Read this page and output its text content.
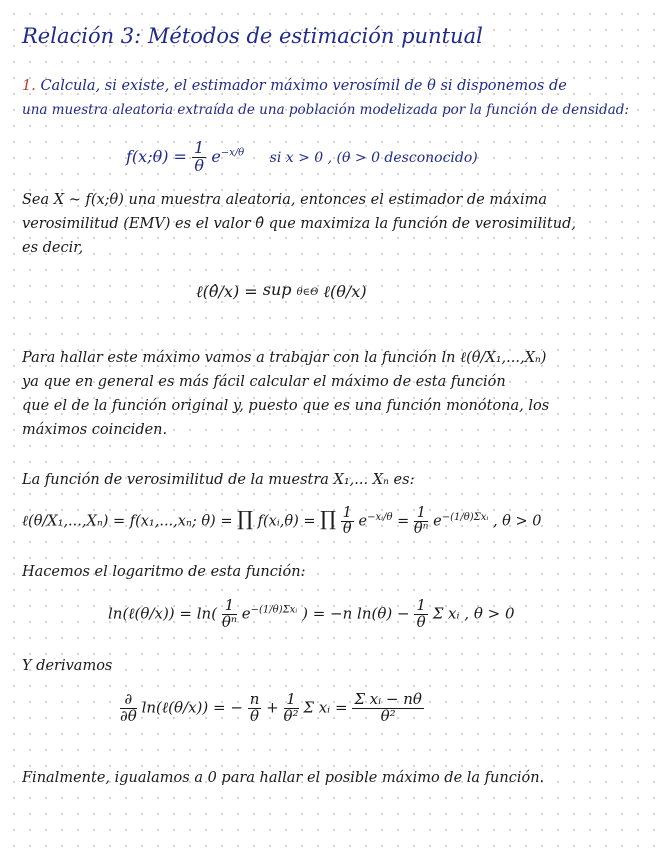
Relación 3: Métodos de estimación puntual
1. Calcula, si existe, el estimador máximo verosímil de θ si disponemos de
una muestra aleatoria extraída de una población modelizada por la función de densidad:
f(x;θ) = $\frac{1}{\theta} e^{-x/\theta}$ si x > 0 , (θ > 0 desconocido)
Sea X ~ f(x;θ) una muestra aleatoria, entonces el estimador de máxima
verosimilitud (EMV) es el valor θ̂ que maximiza la función de verosimilitud,
es decir,
ℓ(θ̂/x) = sup θ∈Θ ℓ(θ/x)
Para hallar este máximo vamos a trabajar con la función ln ℓ(θ/X₁,...,Xₙ)
ya que en general es más fácil calcular el máximo de esta función
que el de la función original y, puesto que es una función monótona, los
máximos coinciden.
La función de verosimilitud de la muestra X₁,... Xₙ es:
ℓ(θ/X₁,...,Xₙ) = f(x₁,...,xₙ; θ) = ∏ f(xᵢ,θ) = ∏ $\frac{1}{\theta} e^{-xᵢ/\theta} = \frac{1}{\text{θⁿ}} e^{-(1/\theta)\Sigma xᵢ}$ , θ > 0
Hacemos el logaritmo de esta función:
ln(ℓ(θ/x)) = $\ln( \frac{1}{\text{θⁿ}} e^{-(1/\theta)\Sigma xᵢ}$ ) = −n $\ln(\theta) - \frac{1}{\theta}$ Σ xᵢ , θ > 0
Y derivamos
$\frac{\partial}{\partial\theta}$ ln(ℓ(θ/x)) = − $\frac{n}{\theta} + \frac{1}{\text{θ²}}$ Σ xᵢ = $\frac{\text{Σ xᵢ − nθ}}{\text{θ²}}$
Finalmente, igualamos a 0 para hallar el posible máximo de la función.
